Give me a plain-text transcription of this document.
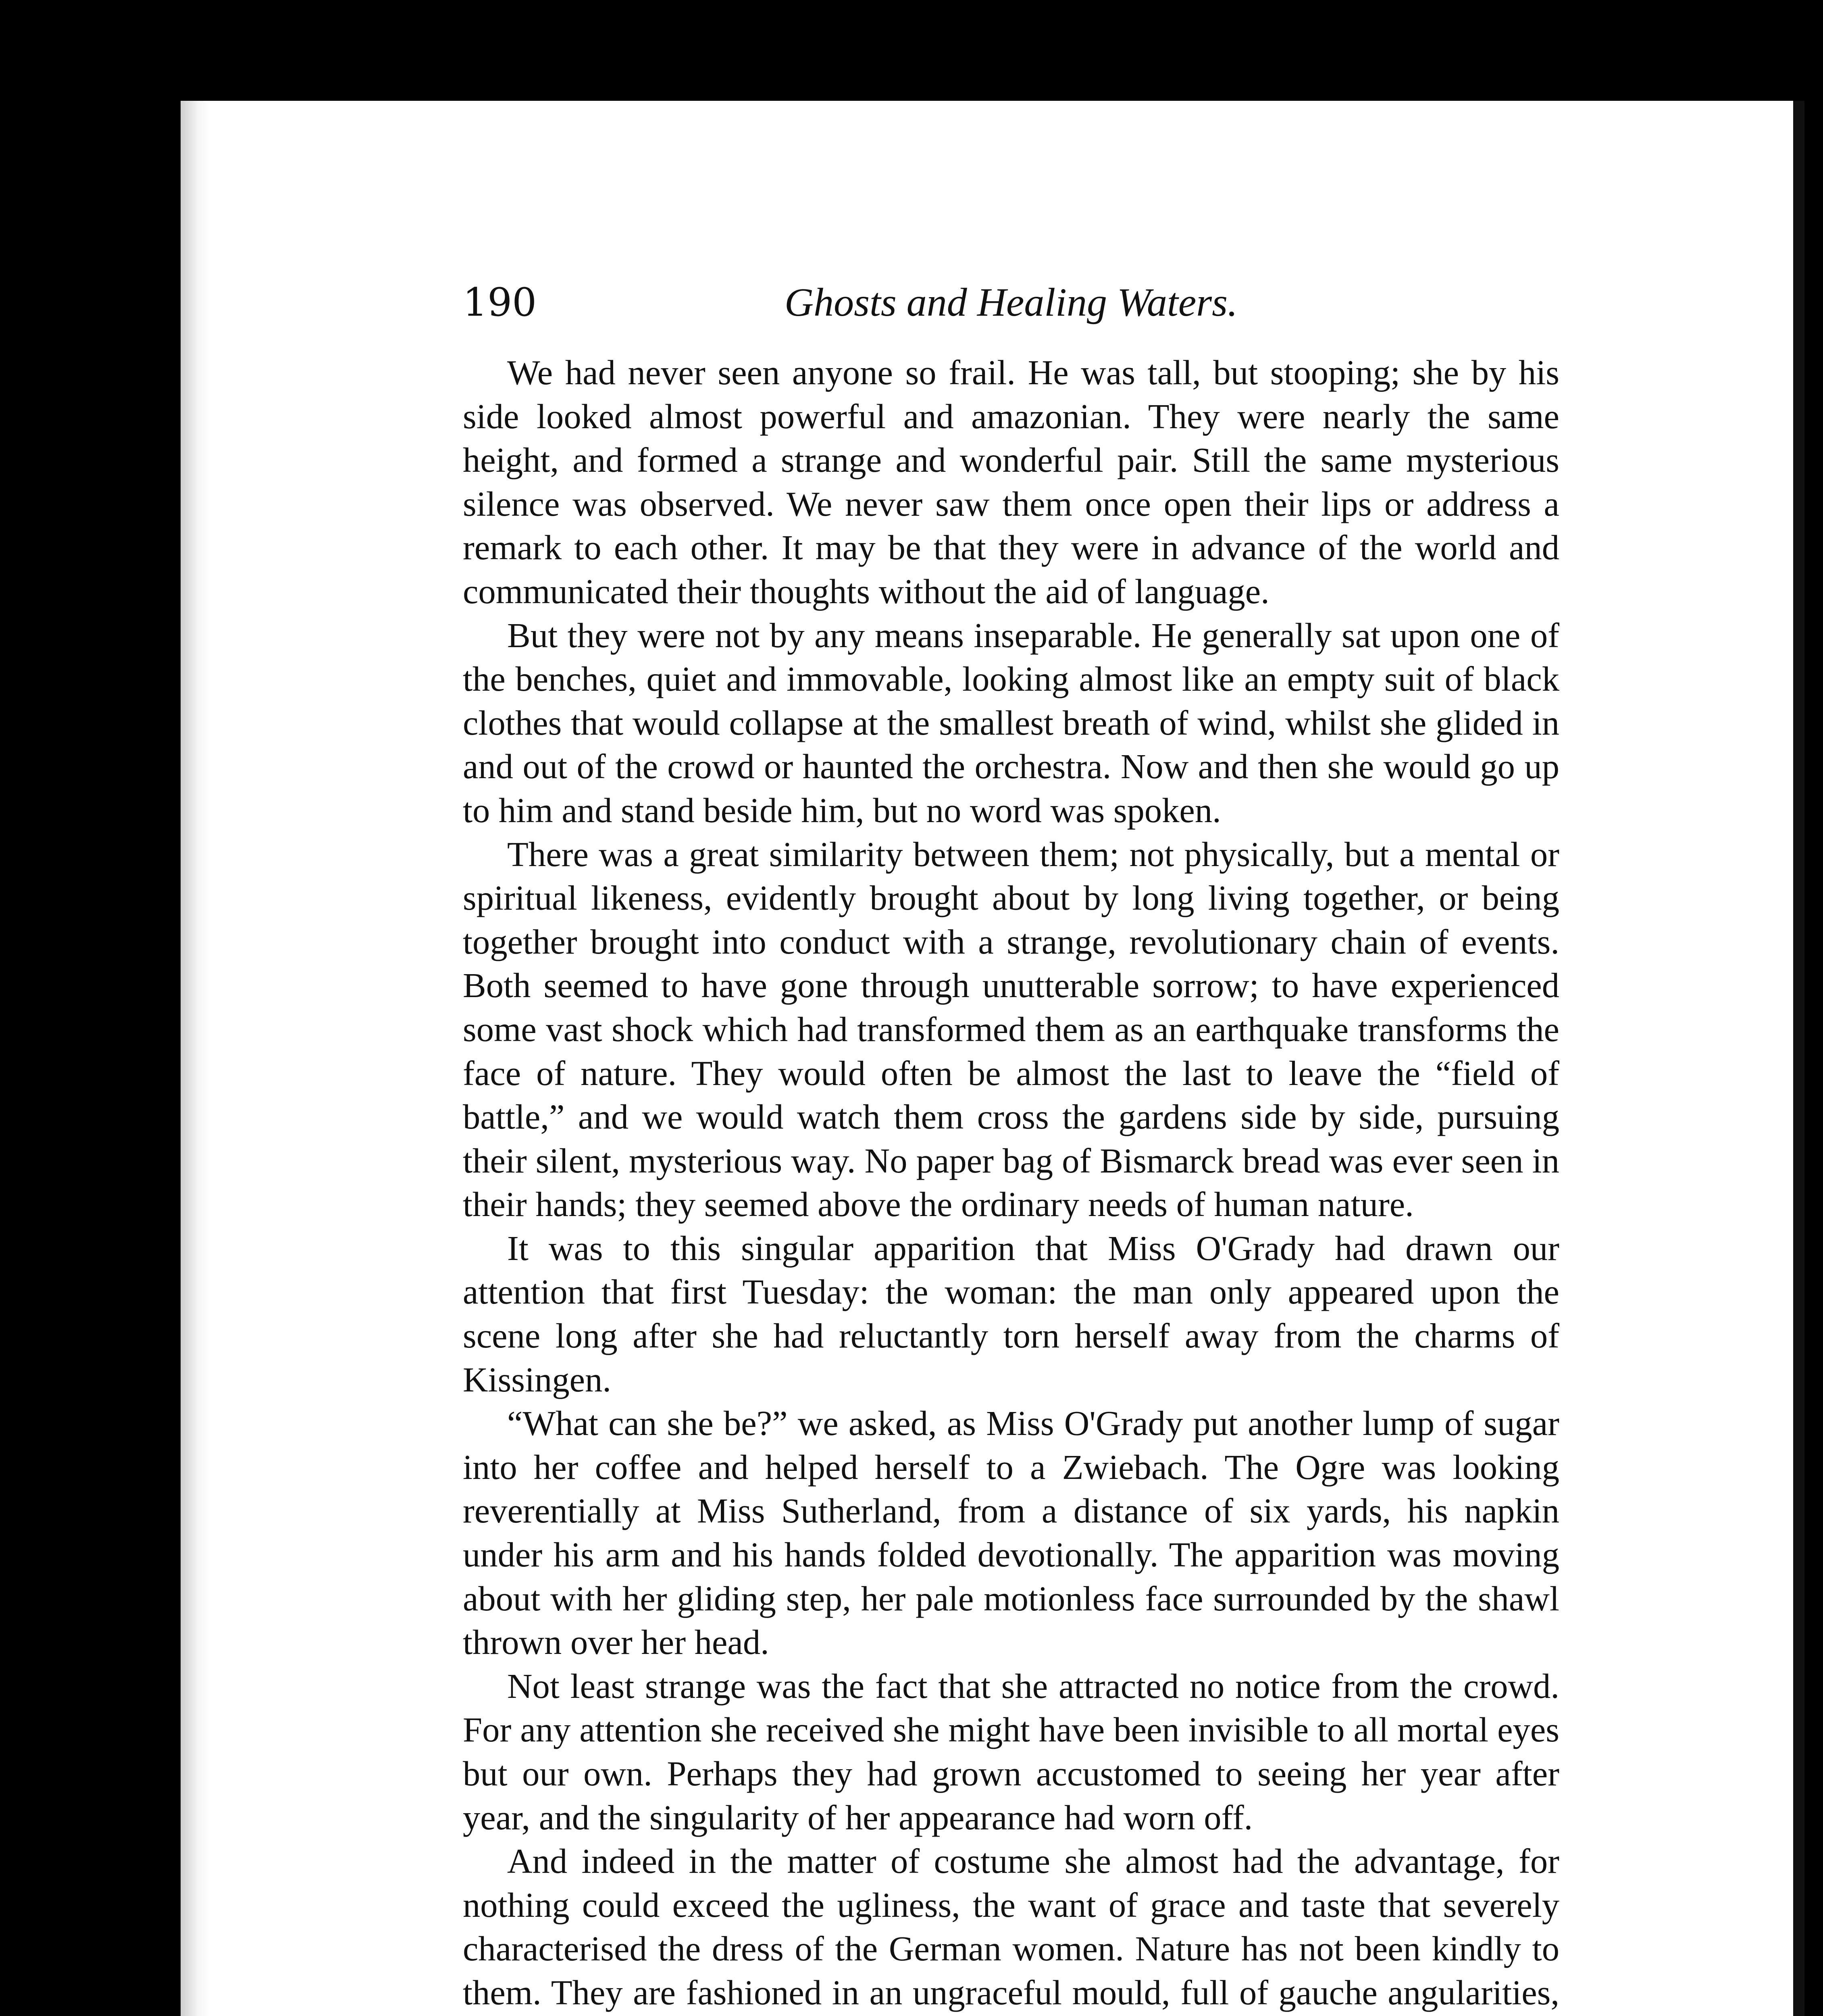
190	Ghosts and Healing Waters.

We had never seen anyone so frail. He was tall, but stooping; she by his side looked almost powerful and amazonian. They were nearly the same height, and formed a strange and wonderful pair. Still the same mysterious silence was observed. We never saw them once open their lips or address a remark to each other. It may be that they were in advance of the world and communicated their thoughts without the aid of language.

But they were not by any means inseparable. He generally sat upon one of the benches, quiet and immovable, looking almost like an empty suit of black clothes that would collapse at the smallest breath of wind, whilst she glided in and out of the crowd or haunted the orchestra. Now and then she would go up to him and stand beside him, but no word was spoken.

There was a great similarity between them; not physically, but a mental or spiritual likeness, evidently brought about by long living together, or being together brought into conduct with a strange, revolutionary chain of events. Both seemed to have gone through unutterable sorrow; to have experienced some vast shock which had transformed them as an earthquake transforms the face of nature. They would often be almost the last to leave the “field of battle,” and we would watch them cross the gardens side by side, pursuing their silent, mysterious way. No paper bag of Bismarck bread was ever seen in their hands; they seemed above the ordinary needs of human nature.

It was to this singular apparition that Miss O'Grady had drawn our attention that first Tuesday: the woman: the man only appeared upon the scene long after she had reluctantly torn herself away from the charms of Kissingen.

“What can she be?” we asked, as Miss O'Grady put another lump of sugar into her coffee and helped herself to a Zwiebach. The Ogre was looking reverentially at Miss Sutherland, from a distance of six yards, his napkin under his arm and his hands folded devotionally. The apparition was moving about with her gliding step, her pale motionless face surrounded by the shawl thrown over her head.

Not least strange was the fact that she attracted no notice from the crowd. For any attention she received she might have been invisible to all mortal eyes but our own. Perhaps they had grown accustomed to seeing her year after year, and the singularity of her appearance had worn off.

And indeed in the matter of costume she almost had the advantage, for nothing could exceed the ugliness, the want of grace and taste that severely characterised the dress of the German women. Nature has not been kindly to them. They are fashioned in an ungraceful mould, full of gauche angularities,
